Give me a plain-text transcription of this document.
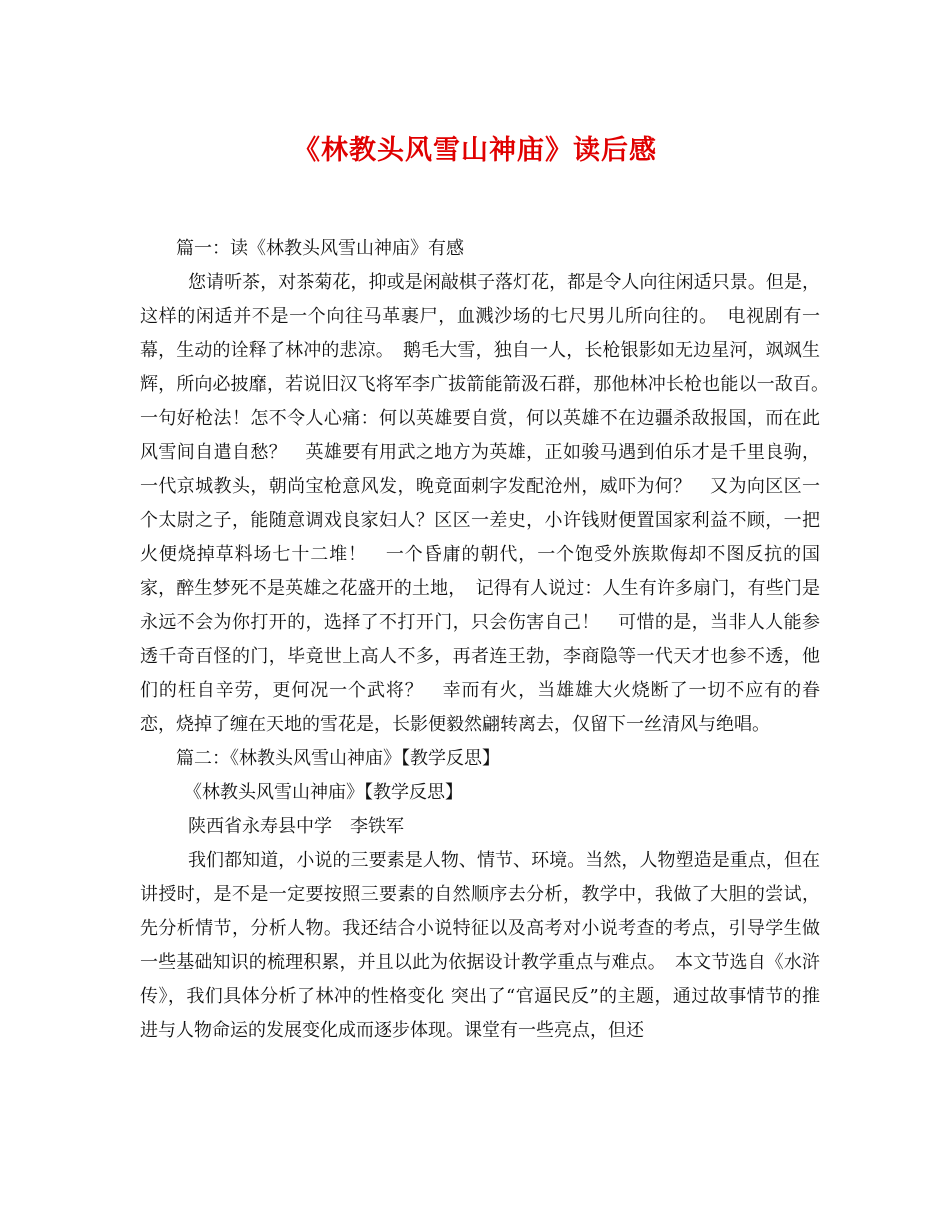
《林教头风雪山神庙》读后感

篇一：读《林教头风雪山神庙》有感

您请听茶，对茶菊花，抑或是闲敲棋子落灯花，都是令人向往闲适只景。但是，这样的闲适并不是一个向往马革裹尸，血溅沙场的七尺男儿所向往的。　电视剧有一幕，生动的诠释了林冲的悲凉。　鹅毛大雪，独自一人，长枪银影如无边星河，飒飒生辉，所向必披靡，若说旧汉飞将军李广拔箭能箭汲石群，那他林冲长枪也能以一敌百。　一句好枪法！怎不令人心痛：何以英雄要自赏，何以英雄不在边疆杀敌报国，而在此风雪间自遣自愁？　英雄要有用武之地方为英雄，正如骏马遇到伯乐才是千里良驹，一代京城教头，朝尚宝枪意风发，晚竟面刺字发配沧州，威吓为何？　又为向区区一个太尉之子，能随意调戏良家妇人？区区一差史，小许钱财便置国家利益不顾，一把火便烧掉草料场七十二堆！　一个昏庸的朝代，一个饱受外族欺侮却不图反抗的国家，醉生梦死不是英雄之花盛开的土地，　记得有人说过：人生有许多扇门，有些门是永远不会为你打开的，选择了不打开门，只会伤害自己！　可惜的是，当非人人能参透千奇百怪的门，毕竟世上高人不多，再者连王勃，李商隐等一代天才也参不透，他们的枉自辛劳，更何况一个武将？　幸而有火，当雄雄大火烧断了一切不应有的眷恋，烧掉了缠在天地的雪花是，长影便毅然翩转离去，仅留下一丝清风与绝唱。

篇二：《林教头风雪山神庙》【教学反思】

《林教头风雪山神庙》【教学反思】

陕西省永寿县中学　李铁军

我们都知道，小说的三要素是人物、情节、环境。当然，人物塑造是重点，但在讲授时，是不是一定要按照三要素的自然顺序去分析，教学中，我做了大胆的尝试，先分析情节，分析人物。我还结合小说特征以及高考对小说考查的考点，引导学生做一些基础知识的梳理积累，并且以此为依据设计教学重点与难点。　本文节选自《水浒传》，我们具体分析了林冲的性格变化 突出了“官逼民反”的主题，通过故事情节的推进与人物命运的发展变化成而逐步体现。课堂有一些亮点，但还
